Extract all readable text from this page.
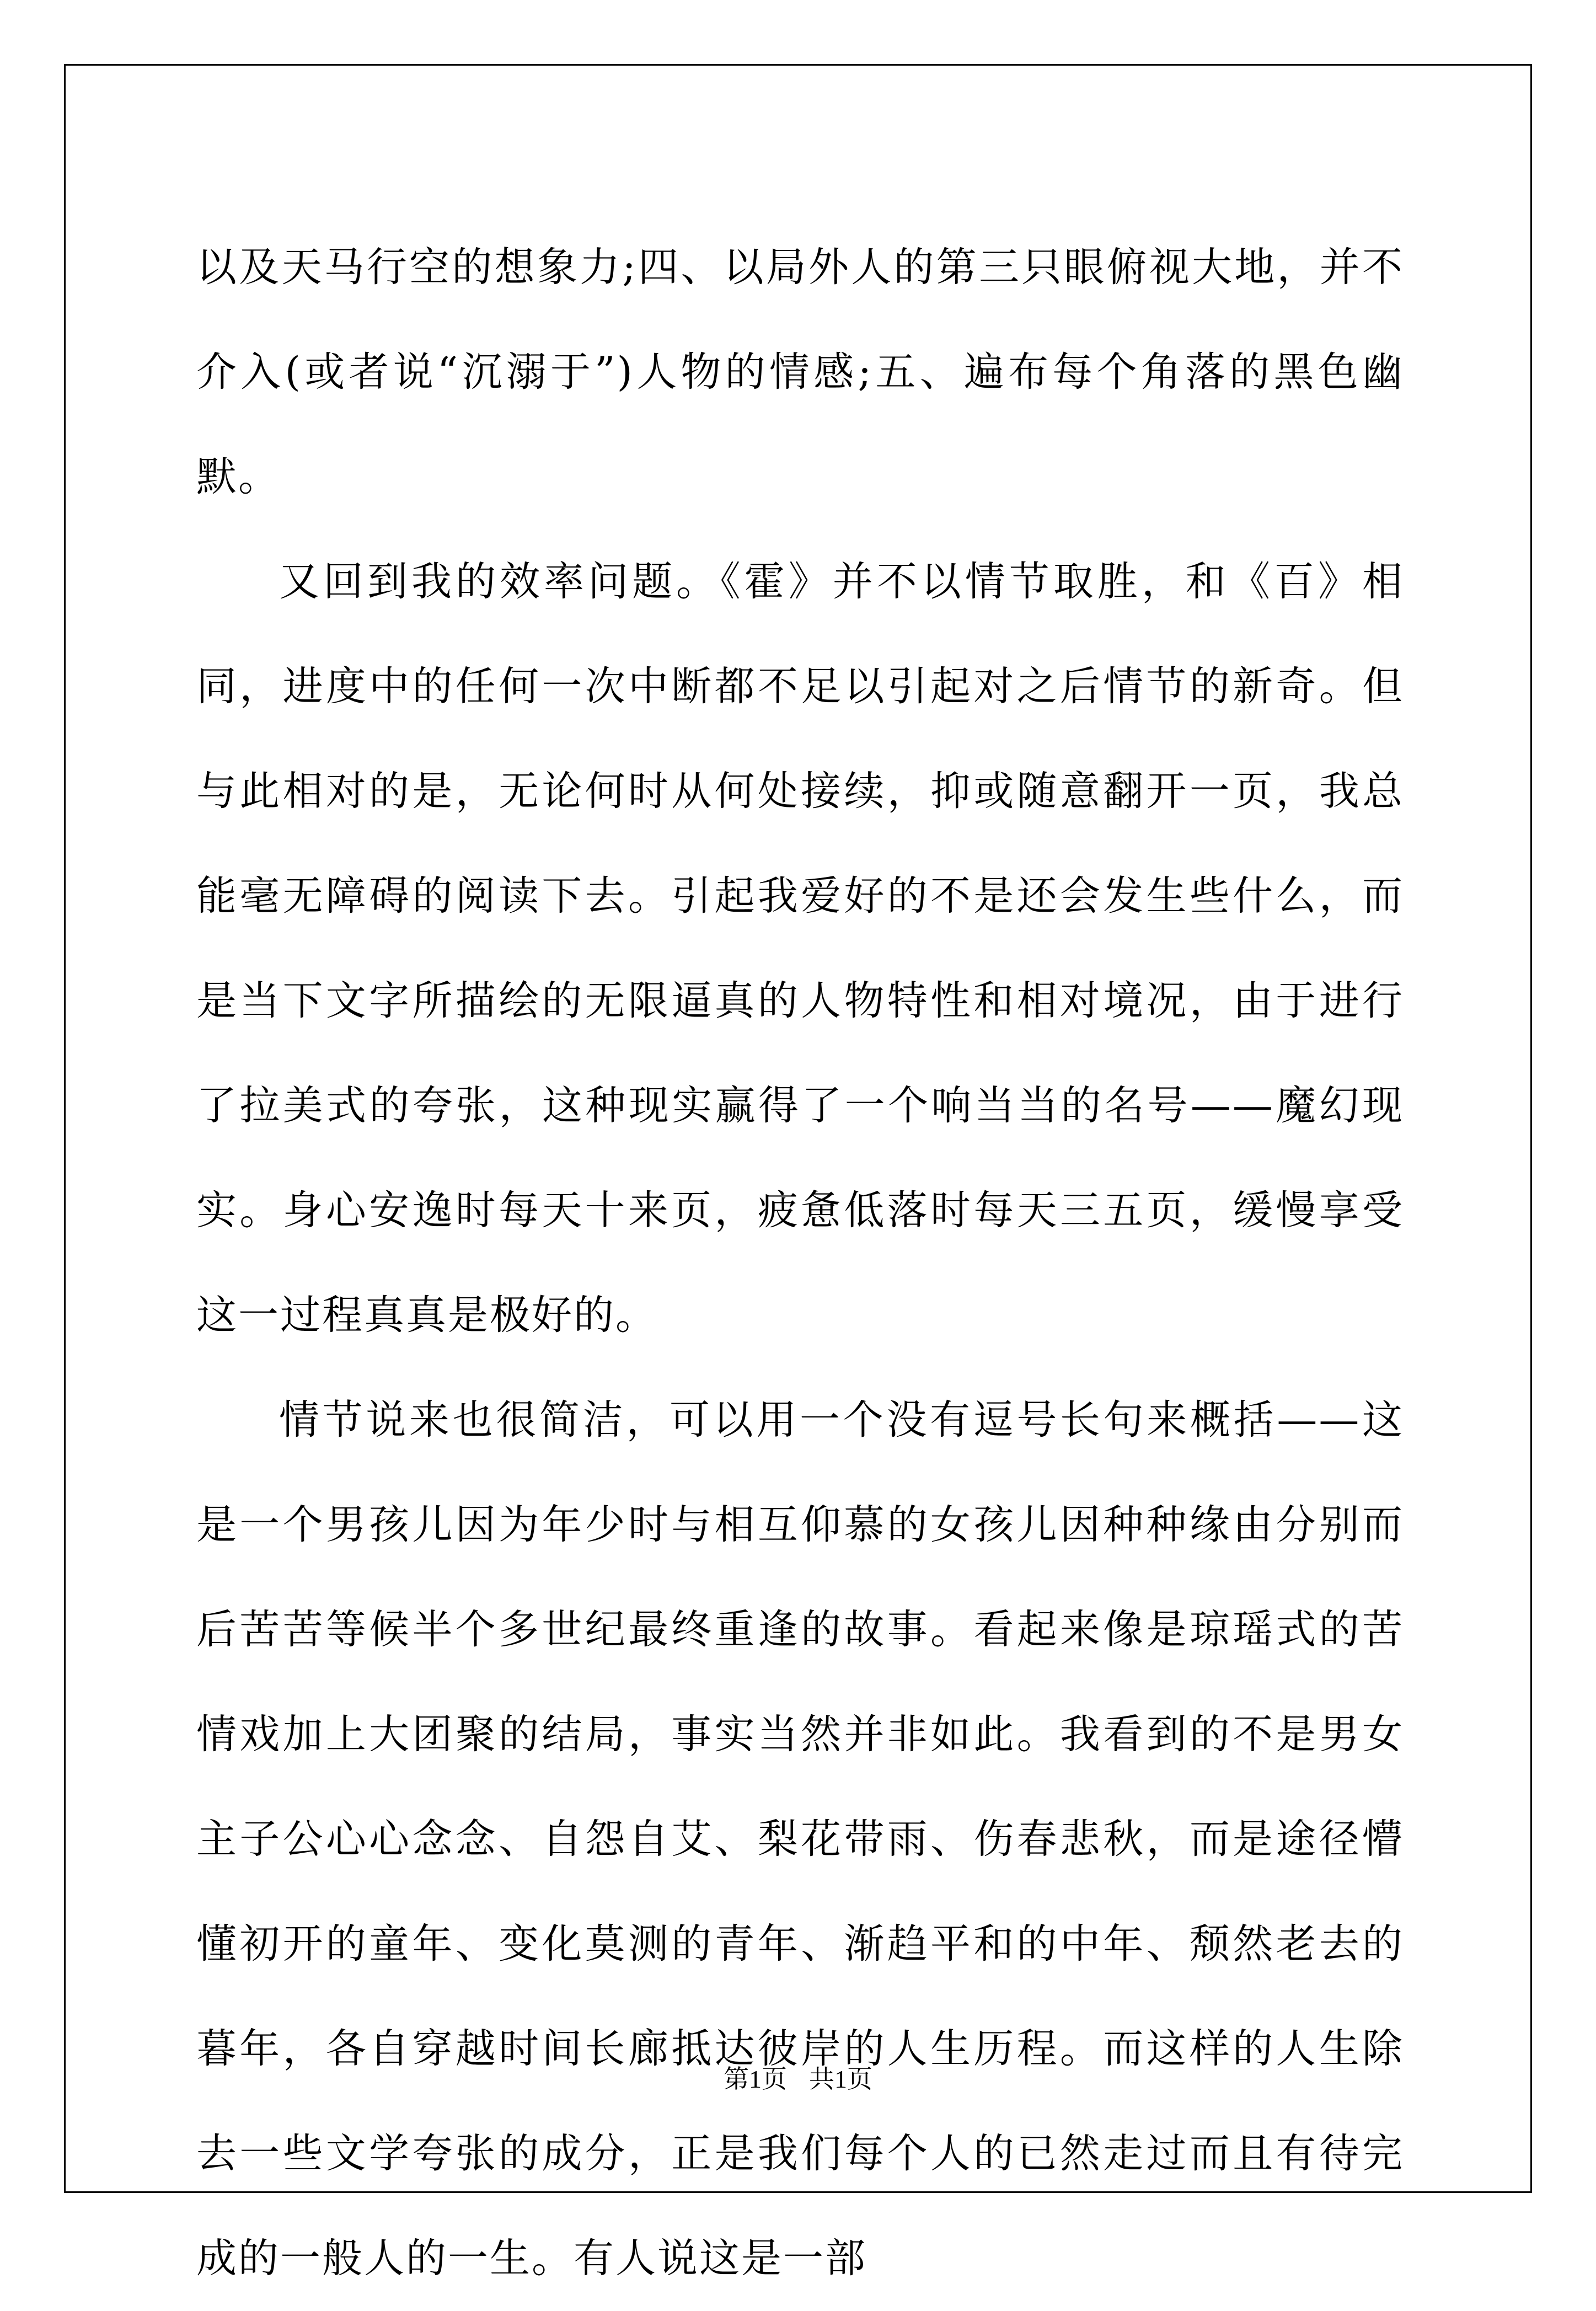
以及天马行空的想象力;四、以局外人的第三只眼俯视大地，并不介入(或者说“沉溺于”)人物的情感;五、遍布每个角落的黑色幽默。

又回到我的效率问题。《霍》并不以情节取胜，和《百》相同，进度中的任何一次中断都不足以引起对之后情节的新奇。但与此相对的是，无论何时从何处接续，抑或随意翻开一页，我总能毫无障碍的阅读下去。引起我爱好的不是还会发生些什么，而是当下文字所描绘的无限逼真的人物特性和相对境况，由于进行了拉美式的夸张，这种现实赢得了一个响当当的名号——魔幻现实。身心安逸时每天十来页，疲惫低落时每天三五页，缓慢享受这一过程真真是极好的。

情节说来也很简洁，可以用一个没有逗号长句来概括——这是一个男孩儿因为年少时与相互仰慕的女孩儿因种种缘由分别而后苦苦等候半个多世纪最终重逢的故事。看起来像是琼瑶式的苦情戏加上大团聚的结局，事实当然并非如此。我看到的不是男女主子公心心念念、自怨自艾、梨花带雨、伤春悲秋，而是途径懵懂初开的童年、变化莫测的青年、渐趋平和的中年、颓然老去的暮年，各自穿越时间长廊抵达彼岸的人生历程。而这样的人生除去一些文学夸张的成分，正是我们每个人的已然走过而且有待完成的一般人的一生。有人说这是一部

第1页 共1页
